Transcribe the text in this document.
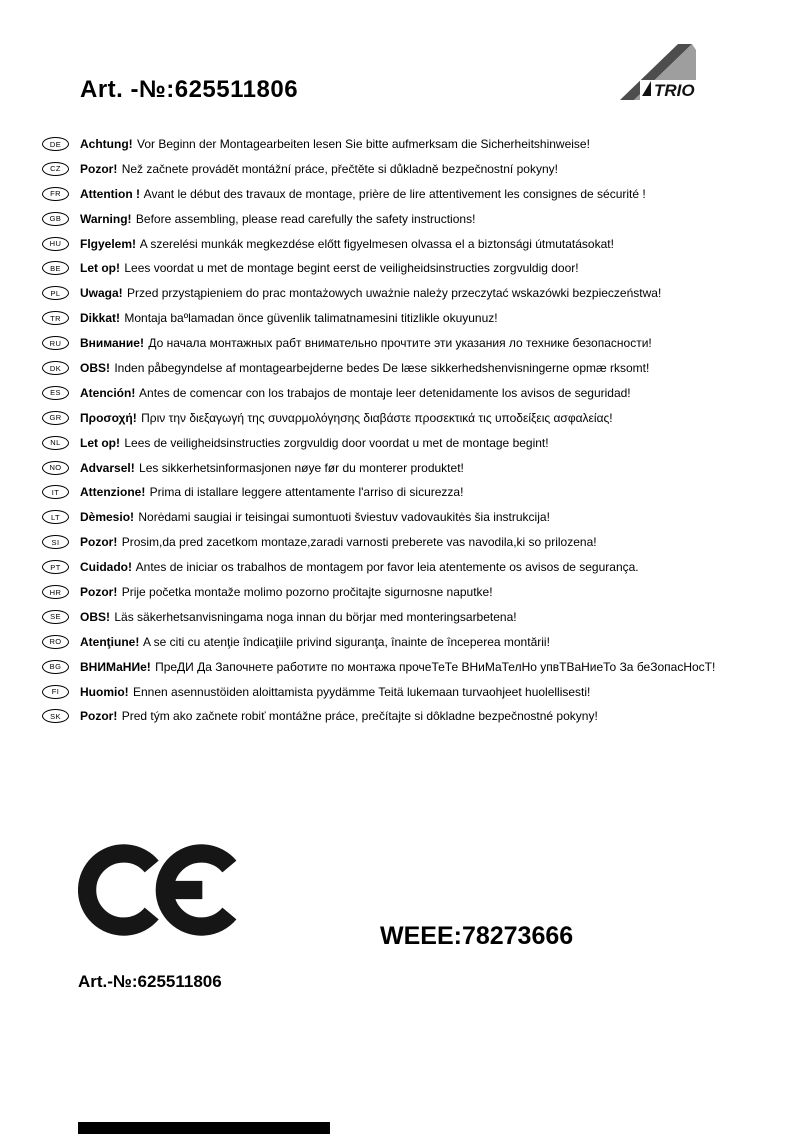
Art. -№:625511806	TRIO
DE	Achtung! Vor Beginn der Montagearbeiten lesen Sie bitte aufmerksam die Sicherheitshinweise!
CZ	Pozor! Než začnete provádět montážní práce, přečtěte si důkladně bezpečnostní pokyny!
FR	Attention ! Avant le début des travaux de montage, prière de lire attentivement les consignes de sécurité !
GB	Warning! Before assembling, please read carefully the safety instructions!
HU	Flgyelem! A szerelési munkák megkezdése előtt figyelmesen olvassa el a biztonsági útmutatásokat!
BE	Let op! Lees voordat u met de montage begint eerst de veiligheidsinstructies zorgvuldig door!
PL	Uwaga! Przed przystąpieniem do prac montażowych uważnie należy przeczytać wskazówki bezpieczeństwa!
TR	Dikkat! Montaja baºlamadan önce güvenlik talimatnamesini titizlikle okuyunuz!
RU	Внимание! До начала монтажных рабт внимательно прочтите эти указания ло технике безопасности!
DK	OBS! Inden påbegyndelse af montagearbejderne bedes De læse sikkerhedshenvisningerne opmæ rksomt!
ES	Atención! Antes de comencar con los trabajos de montaje leer detenidamente los avisos de seguridad!
GR	Προσοχή! Πριν την διεξαγωγή της συναρμολόγησης διαβάστε προσεκτικά τις υποδείξεις ασφαλείας!
NL	Let op! Lees de veiligheidsinstructies zorgvuldig door voordat u met de montage begint!
NO	Advarsel! Les sikkerhetsinformasjonen nøye før du monterer produktet!
IT	Attenzione! Prima di istallare leggere attentamente l'arriso di sicurezza!
LT	Dèmesio! Norėdami saugiai ir teisingai sumontuoti šviestuv vadovaukitės šia instrukcija!
SI	Pozor! Prosim,da pred zacetkom montaze,zaradi varnosti preberete vas navodila,ki so prilozena!
PT	Cuidado! Antes de iniciar os trabalhos de montagem por favor leia atentemente os avisos de segurança.
HR	Pozor! Prije početka montaže molimo pozorno pročitajte sigurnosne naputke!
SE	OBS! Läs säkerhetsanvisningama noga innan du börjar med monteringsarbetena!
RO	Atenţiune! A se citi cu atenţie îndicaţiile privind siguranţa, înainte de începerea montării!
BG	ВНИМаНИе! ПреДИ Да Започнете работите по монтажа прочеТеТе ВНиМаТелНо упвТВаНиеТо За беЗопасНосТ!
FI	Huomio! Ennen asennustöiden aloittamista pyydämme Teitä lukemaan turvaohjeet huolellisesti!
SK	Pozor! Pred tým ako začnete robiť montážne práce, prečítajte si dôkladne bezpečnostné pokyny!
WEEE:78273666
Art.-№:625511806
